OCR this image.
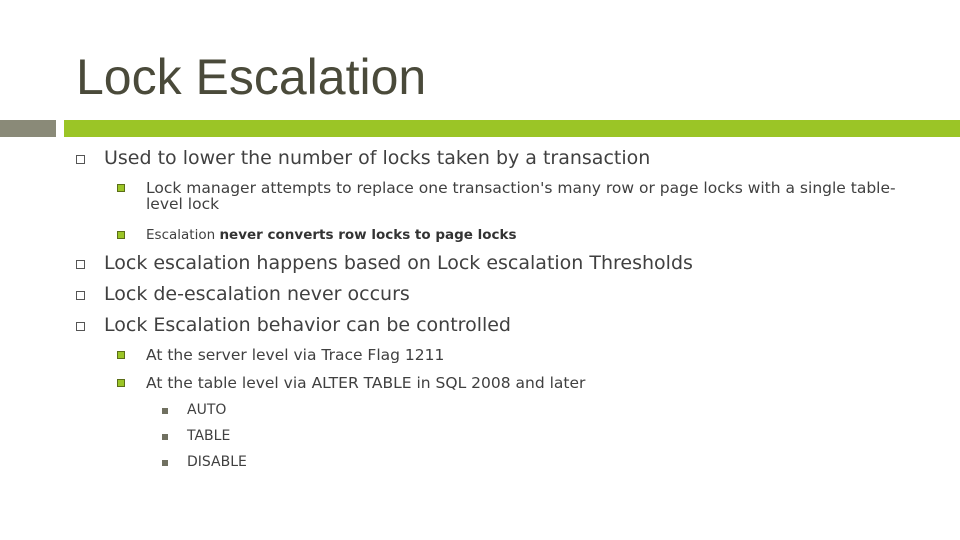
Lock Escalation
Used to lower the number of locks taken by a transaction
Lock manager attempts to replace one transaction's many row or page locks with a single table-level lock
Escalation never converts row locks to page locks
Lock escalation happens based on Lock escalation Thresholds
Lock de-escalation never occurs
Lock Escalation behavior can be controlled
At the server level via Trace Flag 1211
At the table level via ALTER TABLE in SQL 2008 and later
AUTO
TABLE
DISABLE
